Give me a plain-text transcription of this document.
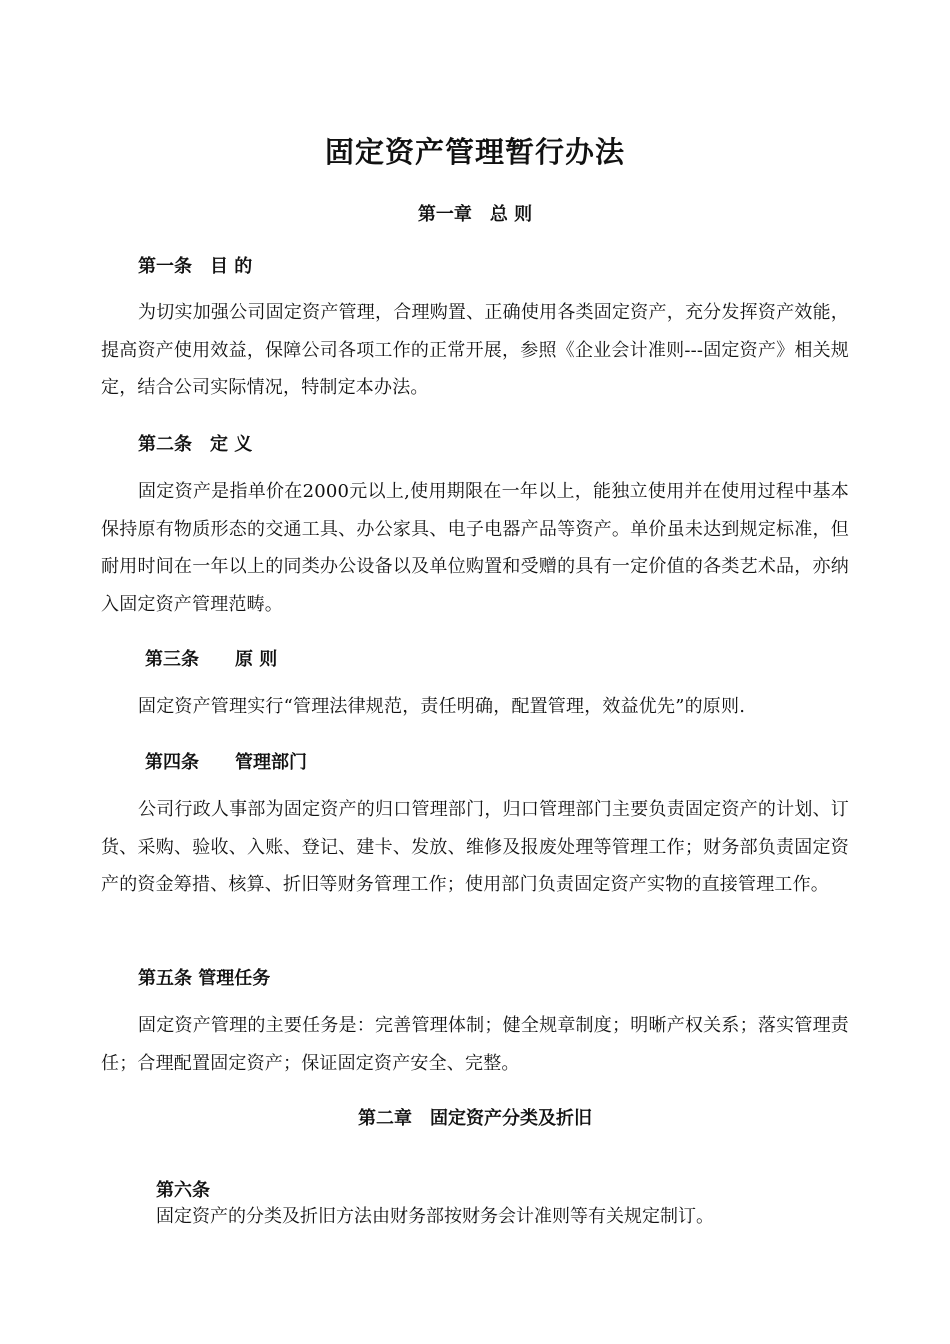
固定资产管理暂行办法
第一章　总 则
第一条　目 的
为切实加强公司固定资产管理，合理购置、正确使用各类固定资产，充分发挥资产效能，提高资产使用效益，保障公司各项工作的正常开展，参照《企业会计准则---固定资产》相关规定，结合公司实际情况，特制定本办法。
第二条　定 义
固定资产是指单价在2000元以上,使用期限在一年以上，能独立使用并在使用过程中基本保持原有物质形态的交通工具、办公家具、电子电器产品等资产。单价虽未达到规定标准，但耐用时间在一年以上的同类办公设备以及单位购置和受赠的具有一定价值的各类艺术品，亦纳入固定资产管理范畴。
第三条　　原 则
固定资产管理实行“管理法律规范，责任明确，配置管理，效益优先”的原则.
第四条　　管理部门
公司行政人事部为固定资产的归口管理部门，归口管理部门主要负责固定资产的计划、订货、采购、验收、入账、登记、建卡、发放、维修及报废处理等管理工作；财务部负责固定资产的资金筹措、核算、折旧等财务管理工作；使用部门负责固定资产实物的直接管理工作。
第五条 管理任务
固定资产管理的主要任务是：完善管理体制；健全规章制度；明晰产权关系；落实管理责任；合理配置固定资产；保证固定资产安全、完整。
第二章　固定资产分类及折旧

第六条
固定资产的分类及折旧方法由财务部按财务会计准则等有关规定制订。
